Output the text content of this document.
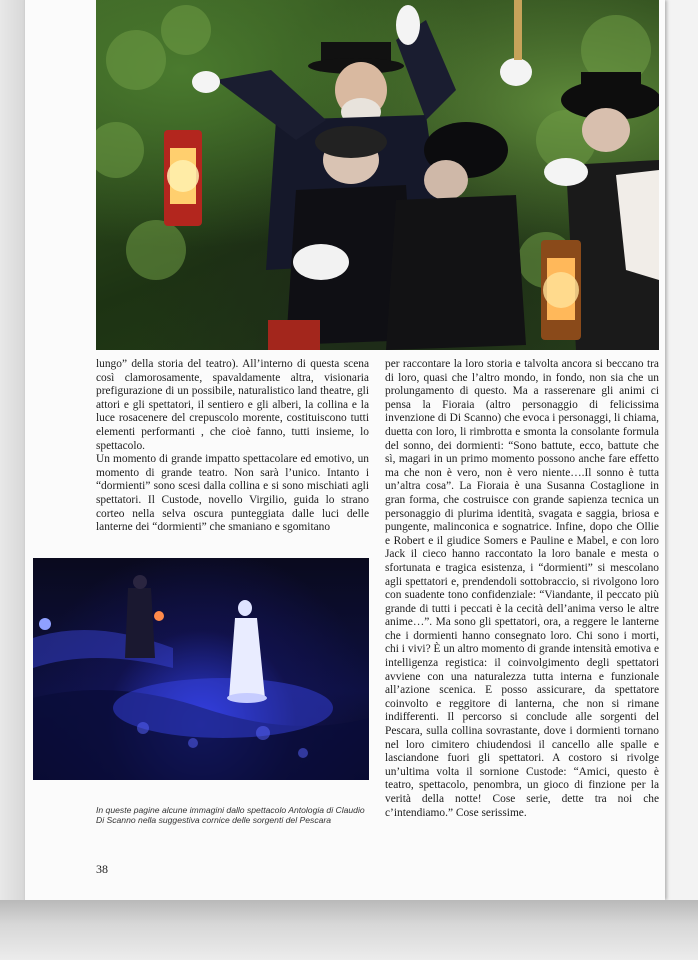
lungo” della storia del teatro). All’interno di questa scena così clamorosamente, spavaldamente altra, visionaria prefigurazione di un possibile, naturalistico land theatre, gli attori e gli spettatori, il sentiero e gli alberi, la collina e la luce rosacenere del crepuscolo morente, costituiscono tutti elementi performanti , che cioè fanno, tutti insieme, lo spettacolo.

Un momento di grande impatto spettacolare ed emotivo, un momento di grande teatro. Non sarà l’unico. Intanto i “dormienti” sono scesi dalla collina e si sono mischiati agli spettatori. Il Custode, novello Virgilio, guida lo strano corteo nella selva oscura punteggiata dalle luci delle lanterne dei “dormienti” che smaniano e sgomitano

per raccontare la loro storia e talvolta ancora si beccano tra di loro, quasi che l’altro mondo, in fondo, non sia che un prolungamento di questo. Ma a rasserenare gli animi ci pensa la Fioraia (altro personaggio di felicissima invenzione di Di Scanno) che evoca i personaggi, li chiama, duetta con loro, li rimbrotta e smonta la consolante formula del sonno, dei dormienti: “Sono battute, ecco, battute che sì, magari in un primo momento possono anche fare effetto ma che non è vero, non è vero niente….Il sonno è tutta un’altra cosa”. La Fioraia è una Susanna Costaglione in gran forma, che costruisce con grande sapienza tecnica un personaggio di plurima identità, svagata e saggia, briosa e pungente, malinconica e sognatrice. Infine, dopo che Ollie e Robert e il giudice Somers e Pauline e Mabel, e con loro Jack il cieco hanno raccontato la loro banale e mesta o sfortunata e tragica esistenza, i “dormienti” si mescolano agli spettatori e, prendendoli sottobraccio, si rivolgono loro con suadente tono confidenziale: “Viandante, il peccato più grande di tutti i peccati è la cecità dell’anima verso le altre anime…”. Ma sono gli spettatori, ora, a reggere le lanterne che i dormienti hanno consegnato loro. Chi sono i morti, chi i vivi? È un altro momento di grande intensità emotiva e intelligenza registica: il coinvolgimento degli spettatori avviene con una naturalezza tutta interna e funzionale all’azione scenica. E posso assicurare, da spettatore coinvolto e reggitore di lanterna, che non si rimane indifferenti. Il percorso si conclude alle sorgenti del Pescara, sulla collina sovrastante, dove i dormienti tornano nel loro cimitero chiudendosi il cancello alle spalle e lasciandone fuori gli spettatori. A costoro si rivolge un’ultima volta il sornione Custode: “Amici, questo è teatro, spettacolo, penombra, un gioco di finzione per la verità della notte! Cose serie, dette tra noi che c’intendiamo.” Cose serissime.

In queste pagine alcune immagini dallo spettacolo Antologia di Claudio Di Scanno nella suggestiva cornice delle sorgenti del Pescara
38
